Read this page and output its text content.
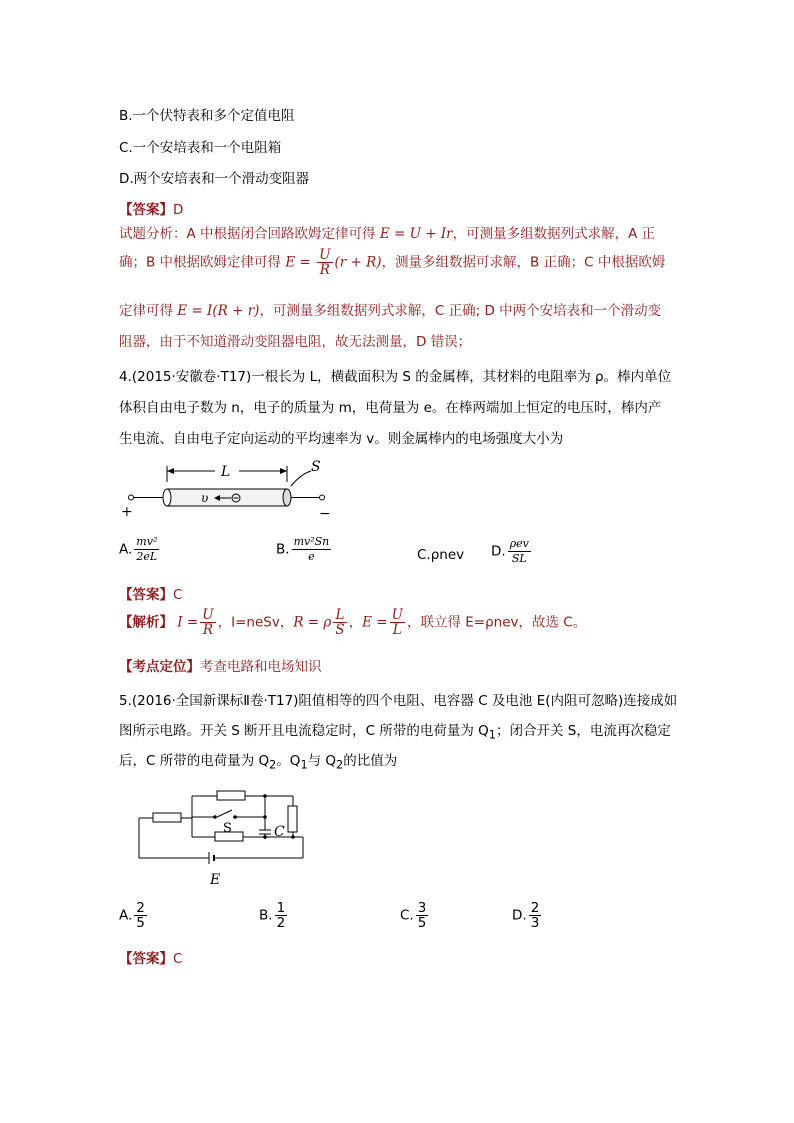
B.一个伏特表和多个定值电阻
C.一个安培表和一个电阻箱
D.两个安培表和一个滑动变阻器
【答案】D
试题分析：A 中根据闭合回路欧姆定律可得 E = U + Ir，可测量多组数据列式求解，A 正
确；B 中根据欧姆定律可得 $E = \frac{U}{R} (r + R)$，测量多组数据可求解，B 正确；C 中根据欧姆
定律可得 E = I(R + r)，可测量多组数据列式求解，C 正确; D 中两个安培表和一个滑动变
阻器，由于不知道滑动变阻器电阻，故无法测量，D 错误；
4.(2015·安徽卷·T17)一根长为 L，横截面积为 S 的金属棒，其材料的电阻率为 ρ。棒内单位
体积自由电子数为 n，电子的质量为 m，电荷量为 e。在棒两端加上恒定的电压时，棒内产
生电流、自由电子定向运动的平均速率为 v。则金属棒内的电场强度大小为
L
+	−
υ
S
A. $\frac{\text{mv²}}{2eL}$	B. $\frac{\text{mv²Sn}}{e}$	C.ρnev D. $\frac{\text{ρev}}{SL}$
【答案】C
【解析】 $I = \frac{U}{R}$ ，I=neSv，R = ρ $\frac{L}{S}$ ，$E = \frac{U}{L}$ ，联立得 E=ρnev，故选 C。
【考点定位】考查电路和电场知识
5.(2016·全国新课标Ⅱ卷·T17)阻值相等的四个电阻、电容器 C 及电池 E(内阻可忽略)连接成如
图所示电路。开关 S 断开且电流稳定时，C 所带的电荷量为 $Q_1$；闭合开关 S，电流再次稳定
后，C 所带的电荷量为 $Q_2$。$Q_1$与 $Q_2$的比值为
S	C
E
A. $\frac{2}{5}$	B. $\frac{1}{2}$	C. $\frac{3}{5}$	D. $\frac{2}{3}$
【答案】C
